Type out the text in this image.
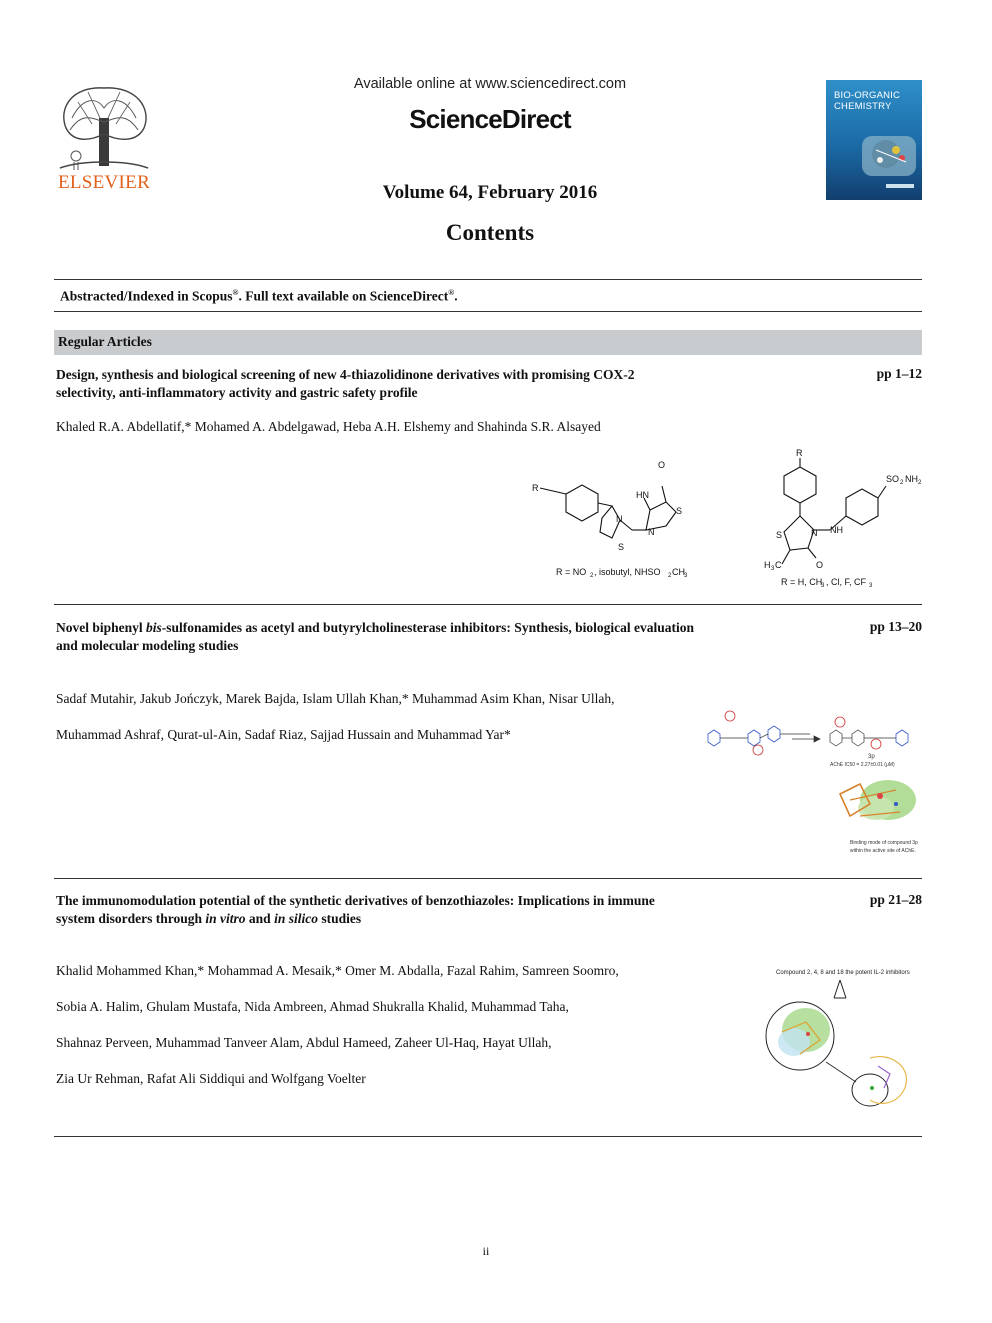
ELSEVIER
Available online at www.sciencedirect.com
ScienceDirect
Volume 64, February 2016
Contents
BIO-ORGANIC CHEMISTRY
Abstracted/Indexed in Scopus®. Full text available on ScienceDirect®.
Regular Articles
Design, synthesis and biological screening of new 4-thiazolidinone derivatives with promising COX-2 selectivity, anti-inflammatory activity and gastric safety profile
pp 1–12
Khaled R.A. Abdellatif,* Mohamed A. Abdelgawad, Heba A.H. Elshemy and Shahinda S.R. Alsayed
R
O
HN
S
N
N
S
R
SO 2 NH 2
NH
N
S
O
H 3 C
R = NO 2 , isobutyl, NHSO 2 CH 3
R = H, CH
3 , Cl, F, CF 3
Novel biphenyl bis-sulfonamides as acetyl and butyrylcholinesterase inhibitors: Synthesis, biological evaluation and molecular modeling studies
pp 13–20

Sadaf Mutahir, Jakub Jończyk, Marek Bajda, Islam Ullah Khan,* Muhammad Asim Khan, Nisar Ullah,

Muhammad Ashraf, Qurat-ul-Ain, Sadaf Riaz, Sajjad Hussain and Muhammad Yar*

3p
AChE IC50 = 2.27±0.01 (μM)
Binding mode of compound 3p
within the active site of AChE.
The immunomodulation potential of the synthetic derivatives of benzothiazoles: Implications in immune system disorders through in vitro and in silico studies
pp 21–28

Khalid Mohammed Khan,* Mohammad A. Mesaik,* Omer M. Abdalla, Fazal Rahim, Samreen Soomro,

Sobia A. Halim, Ghulam Mustafa, Nida Ambreen, Ahmad Shukralla Khalid, Muhammad Taha,

Shahnaz Perveen, Muhammad Tanveer Alam, Abdul Hameed, Zaheer Ul-Haq, Hayat Ullah,

Zia Ur Rehman, Rafat Ali Siddiqui and Wolfgang Voelter

Compound 2, 4, 8 and 18 the potent IL-2 inhibitors
ii
